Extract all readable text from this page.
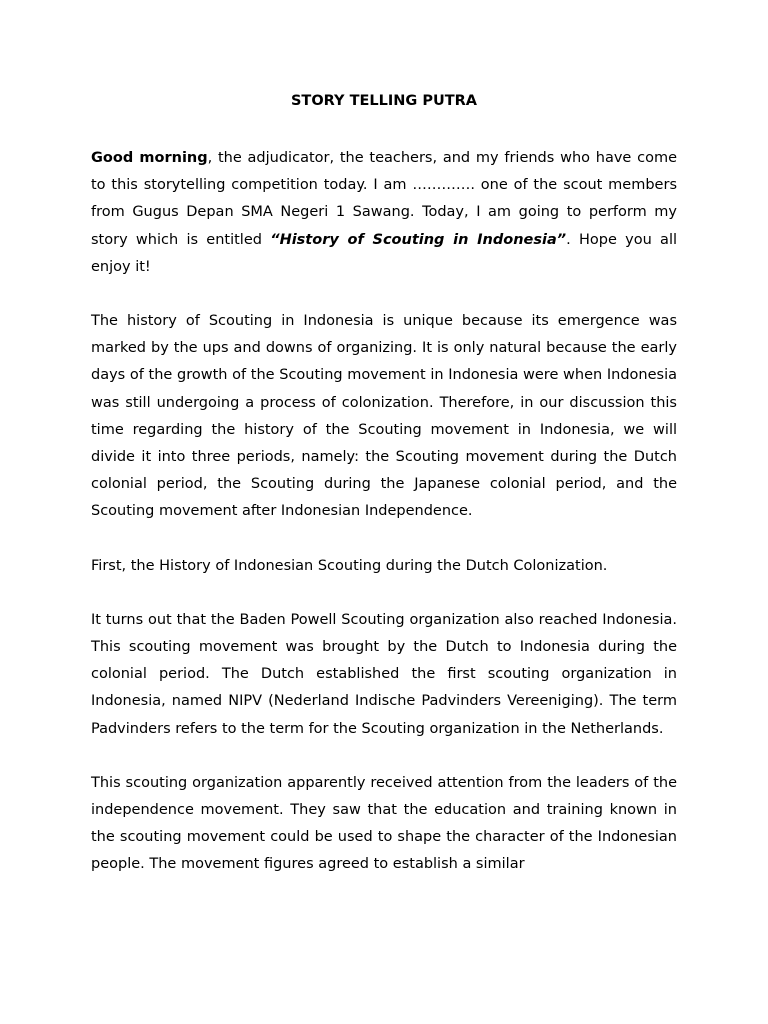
STORY TELLING PUTRA

Good morning, the adjudicator, the teachers, and my friends who have come to this storytelling competition today. I am …………. one of the scout members from Gugus Depan SMA Negeri 1 Sawang. Today, I am going to perform my story which is entitled “History of Scouting in Indonesia”. Hope you all enjoy it!

The history of Scouting in Indonesia is unique because its emergence was marked by the ups and downs of organizing. It is only natural because the early days of the growth of the Scouting movement in Indonesia were when Indonesia was still undergoing a process of colonization. Therefore, in our discussion this time regarding the history of the Scouting movement in Indonesia, we will divide it into three periods, namely: the Scouting movement during the Dutch colonial period, the Scouting during the Japanese colonial period, and the Scouting movement after Indonesian Independence.

First, the History of Indonesian Scouting during the Dutch Colonization.

It turns out that the Baden Powell Scouting organization also reached Indonesia. This scouting movement was brought by the Dutch to Indonesia during the colonial period. The Dutch established the first scouting organization in Indonesia, named NIPV (Nederland Indische Padvinders Vereeniging). The term Padvinders refers to the term for the Scouting organization in the Netherlands.

This scouting organization apparently received attention from the leaders of the independence movement. They saw that the education and training known in the scouting movement could be used to shape the character of the Indonesian people. The movement figures agreed to establish a similar
